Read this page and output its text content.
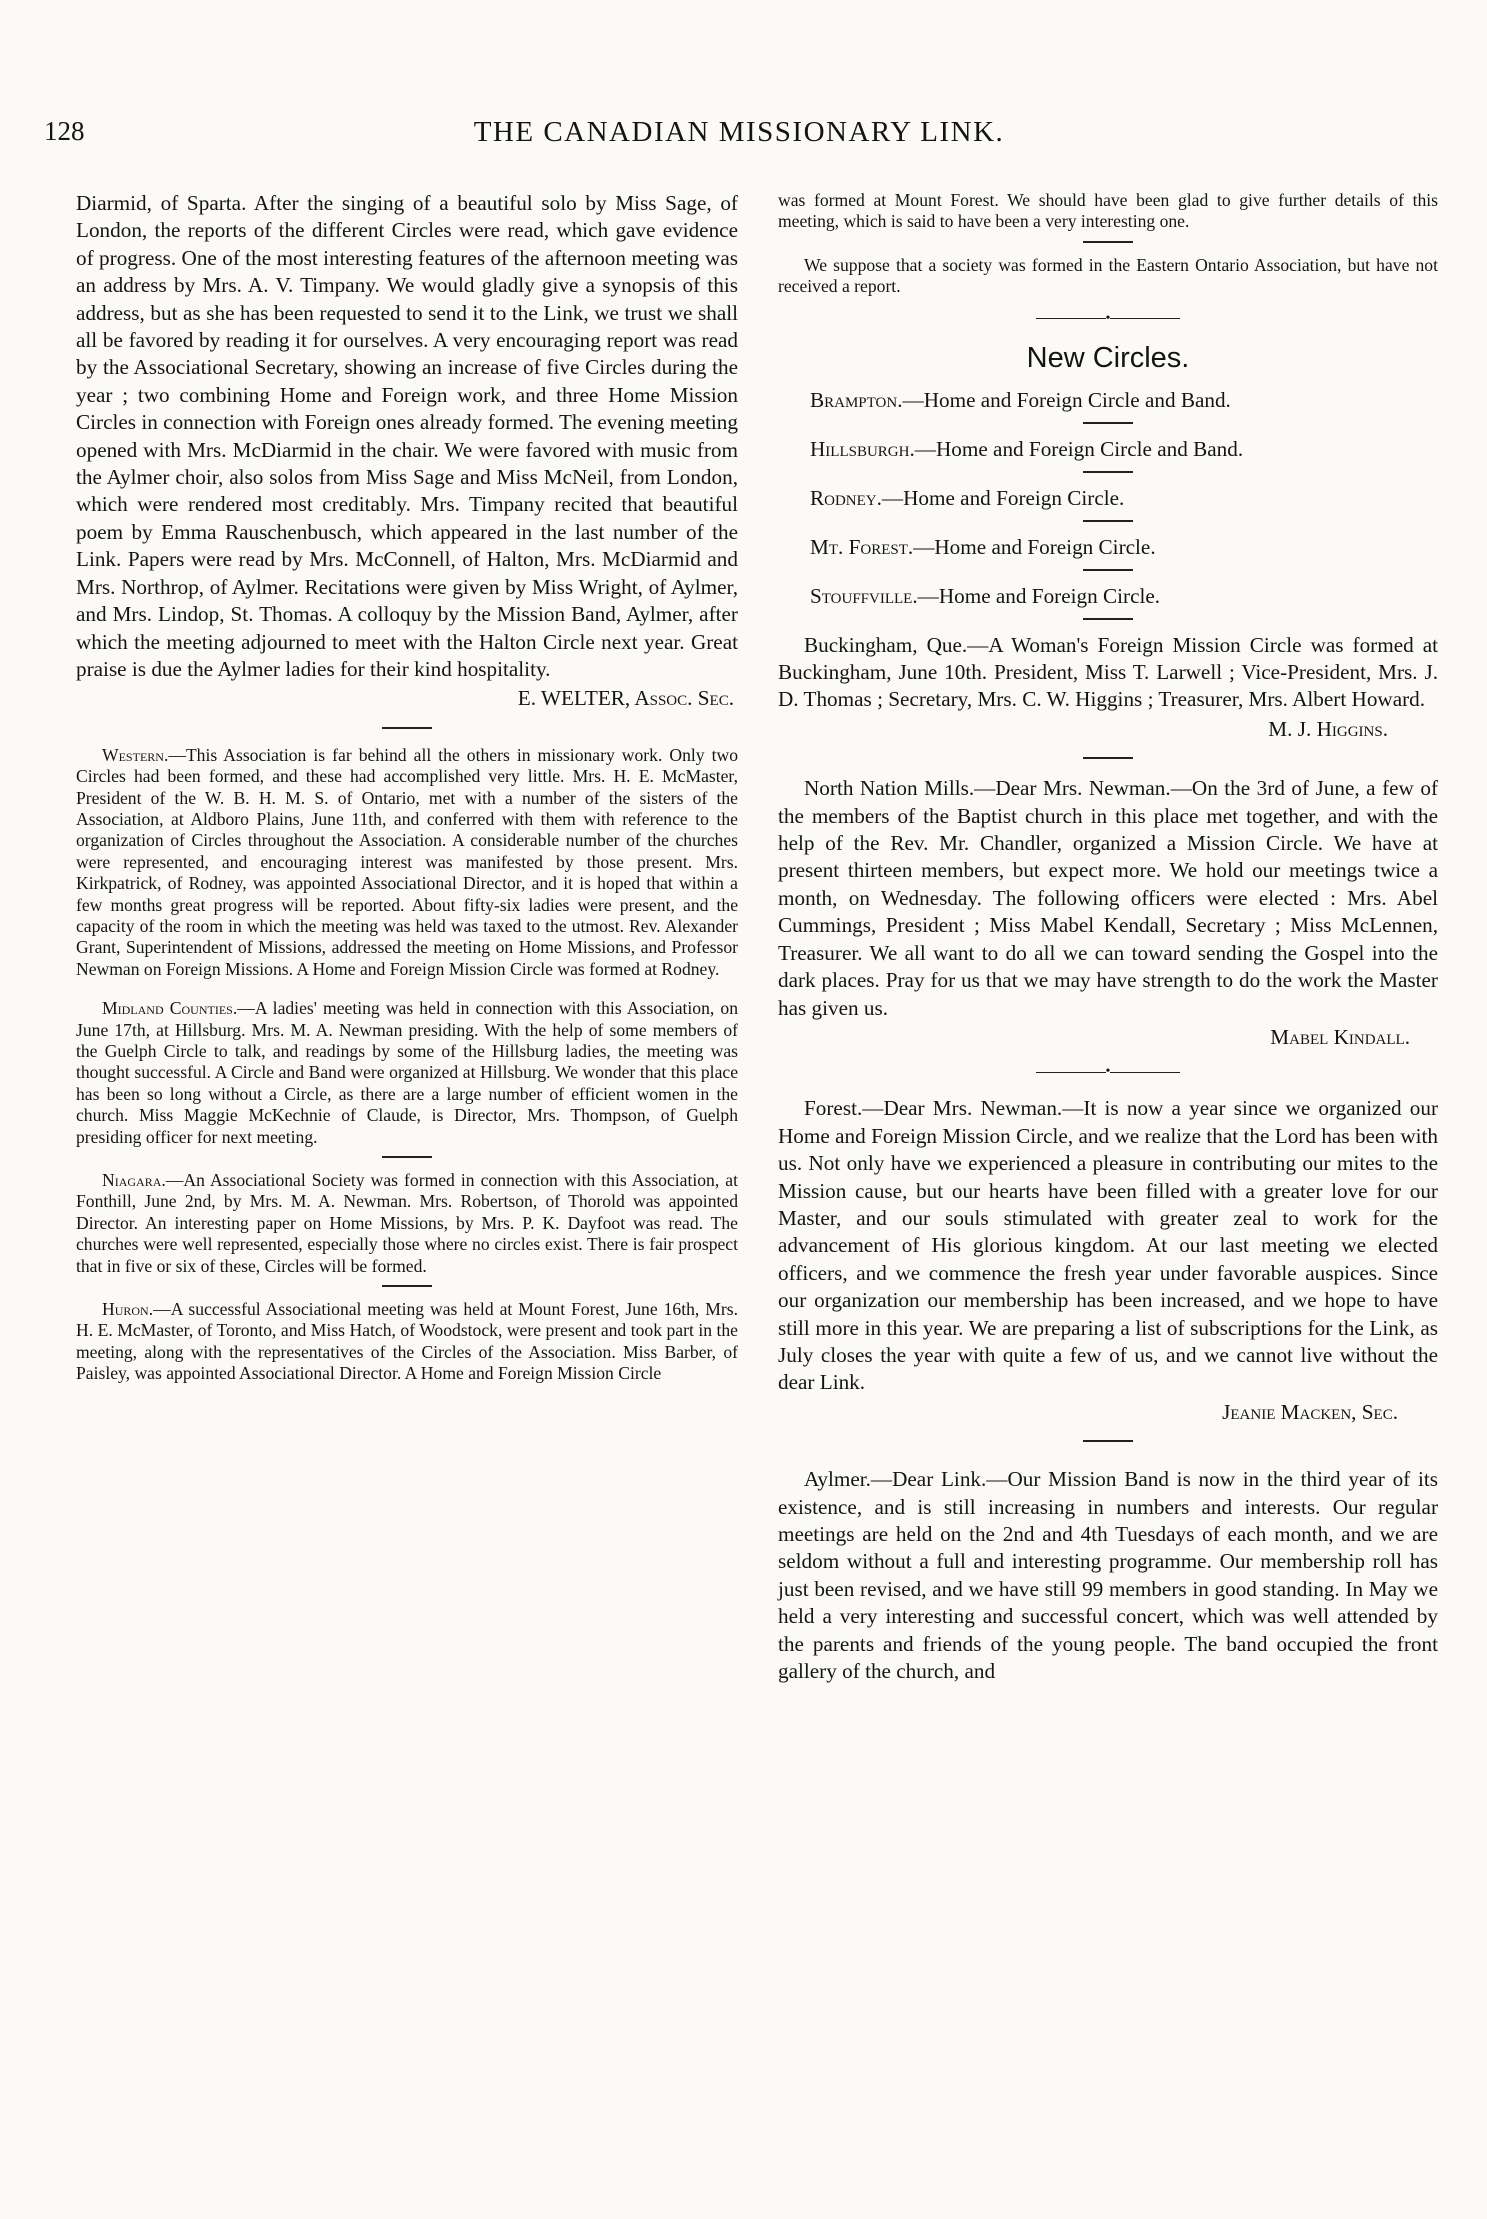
128	THE CANADIAN MISSIONARY LINK.

Diarmid, of Sparta. After the singing of a beautiful solo by Miss Sage, of London, the reports of the different Circles were read, which gave evidence of progress. One of the most interesting features of the afternoon meeting was an address by Mrs. A. V. Timpany. We would gladly give a synopsis of this address, but as she has been requested to send it to the Link, we trust we shall all be favored by reading it for ourselves. A very encouraging report was read by the Associational Secretary, showing an increase of five Circles during the year ; two combining Home and Foreign work, and three Home Mission Circles in connection with Foreign ones already formed. The evening meeting opened with Mrs. McDiarmid in the chair. We were favored with music from the Aylmer choir, also solos from Miss Sage and Miss McNeil, from London, which were rendered most creditably. Mrs. Timpany recited that beautiful poem by Emma Rauschenbusch, which appeared in the last number of the Link. Papers were read by Mrs. McConnell, of Halton, Mrs. McDiarmid and Mrs. Northrop, of Aylmer. Recitations were given by Miss Wright, of Aylmer, and Mrs. Lindop, St. Thomas. A colloquy by the Mission Band, Aylmer, after which the meeting adjourned to meet with the Halton Circle next year. Great praise is due the Aylmer ladies for their kind hospitality.

E. WELTER, Assoc. Sec.

Western.—This Association is far behind all the others in missionary work. Only two Circles had been formed, and these had accomplished very little. Mrs. H. E. McMaster, President of the W. B. H. M. S. of Ontario, met with a number of the sisters of the Association, at Aldboro Plains, June 11th, and conferred with them with reference to the organization of Circles throughout the Association. A considerable number of the churches were represented, and encouraging interest was manifested by those present. Mrs. Kirkpatrick, of Rodney, was appointed Associational Director, and it is hoped that within a few months great progress will be reported. About fifty-six ladies were present, and the capacity of the room in which the meeting was held was taxed to the utmost. Rev. Alexander Grant, Superintendent of Missions, addressed the meeting on Home Missions, and Professor Newman on Foreign Missions. A Home and Foreign Mission Circle was formed at Rodney.

Midland Counties.—A ladies' meeting was held in connection with this Association, on June 17th, at Hillsburg. Mrs. M. A. Newman presiding. With the help of some members of the Guelph Circle to talk, and readings by some of the Hillsburg ladies, the meeting was thought successful. A Circle and Band were organized at Hillsburg. We wonder that this place has been so long without a Circle, as there are a large number of efficient women in the church. Miss Maggie McKechnie of Claude, is Director, Mrs. Thompson, of Guelph presiding officer for next meeting.

Niagara.—An Associational Society was formed in connection with this Association, at Fonthill, June 2nd, by Mrs. M. A. Newman. Mrs. Robertson, of Thorold was appointed Director. An interesting paper on Home Missions, by Mrs. P. K. Dayfoot was read. The churches were well represented, especially those where no circles exist. There is fair prospect that in five or six of these, Circles will be formed.

Huron.—A successful Associational meeting was held at Mount Forest, June 16th, Mrs. H. E. McMaster, of Toronto, and Miss Hatch, of Woodstock, were present and took part in the meeting, along with the representatives of the Circles of the Association. Miss Barber, of Paisley, was appointed Associational Director. A Home and Foreign Mission Circle

was formed at Mount Forest. We should have been glad to give further details of this meeting, which is said to have been a very interesting one.

We suppose that a society was formed in the Eastern Ontario Association, but have not received a report.

•
New Circles.

Brampton.—Home and Foreign Circle and Band.

Hillsburgh.—Home and Foreign Circle and Band.

Rodney.—Home and Foreign Circle.

Mt. Forest.—Home and Foreign Circle.

Stouffville.—Home and Foreign Circle.

Buckingham, Que.—A Woman's Foreign Mission Circle was formed at Buckingham, June 10th. President, Miss T. Larwell ; Vice-President, Mrs. J. D. Thomas ; Secretary, Mrs. C. W. Higgins ; Treasurer, Mrs. Albert Howard.

M. J. Higgins.

North Nation Mills.—Dear Mrs. Newman.—On the 3rd of June, a few of the members of the Baptist church in this place met together, and with the help of the Rev. Mr. Chandler, organized a Mission Circle. We have at present thirteen members, but expect more. We hold our meetings twice a month, on Wednesday. The following officers were elected : Mrs. Abel Cummings, President ; Miss Mabel Kendall, Secretary ; Miss McLennen, Treasurer. We all want to do all we can toward sending the Gospel into the dark places. Pray for us that we may have strength to do the work the Master has given us.

Mabel Kindall.

•

Forest.—Dear Mrs. Newman.—It is now a year since we organized our Home and Foreign Mission Circle, and we realize that the Lord has been with us. Not only have we experienced a pleasure in contributing our mites to the Mission cause, but our hearts have been filled with a greater love for our Master, and our souls stimulated with greater zeal to work for the advancement of His glorious kingdom. At our last meeting we elected officers, and we commence the fresh year under favorable auspices. Since our organization our membership has been increased, and we hope to have still more in this year. We are preparing a list of subscriptions for the Link, as July closes the year with quite a few of us, and we cannot live without the dear Link.

Jeanie Macken, Sec.

Aylmer.—Dear Link.—Our Mission Band is now in the third year of its existence, and is still increasing in numbers and interests. Our regular meetings are held on the 2nd and 4th Tuesdays of each month, and we are seldom without a full and interesting programme. Our membership roll has just been revised, and we have still 99 members in good standing. In May we held a very interesting and successful concert, which was well attended by the parents and friends of the young people. The band occupied the front gallery of the church, and
